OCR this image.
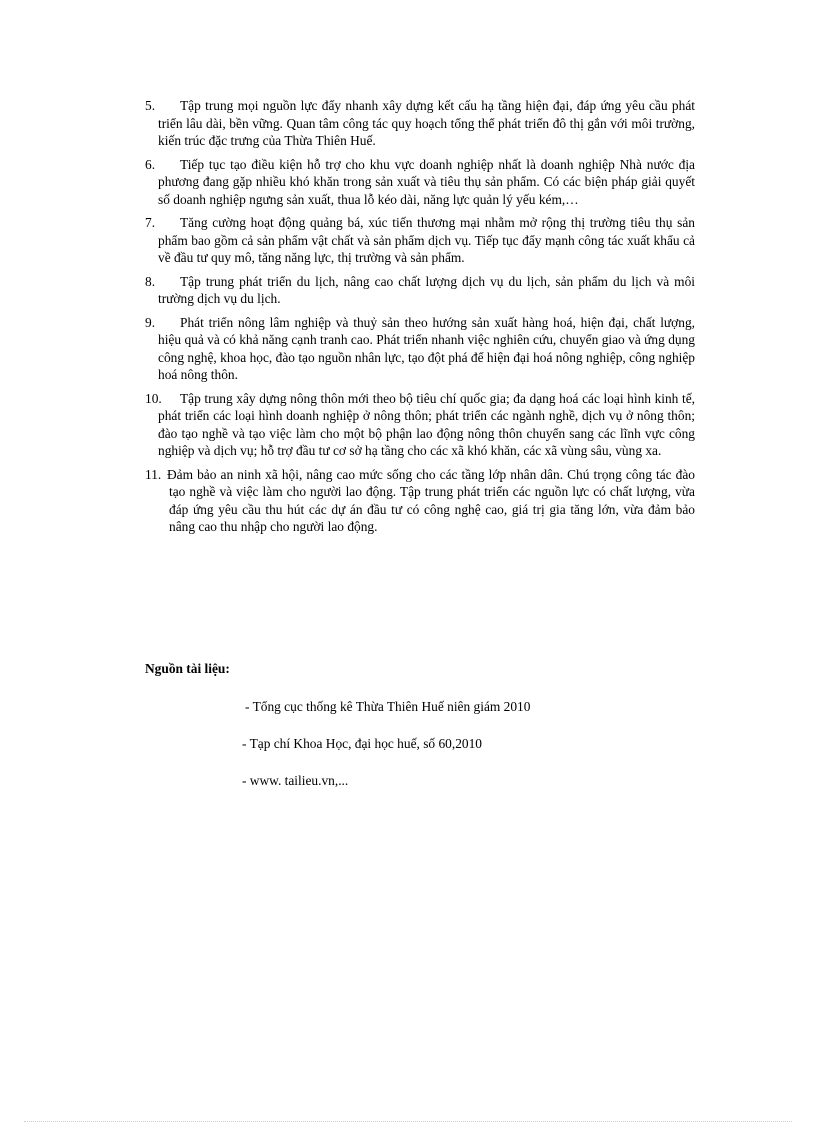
5.	Tập trung mọi nguồn lực đẩy nhanh xây dựng kết cấu hạ tầng hiện đại, đáp ứng yêu cầu phát triển lâu dài, bền vững. Quan tâm công tác quy hoạch tổng thể phát triển đô thị gắn với môi trường, kiến trúc đặc trưng của Thừa Thiên Huế.
6.	Tiếp tục tạo điều kiện hỗ trợ cho khu vực doanh nghiệp nhất là doanh nghiệp Nhà nước địa phương đang gặp nhiều khó khăn trong sản xuất và tiêu thụ sản phẩm. Có các biện pháp giải quyết số doanh nghiệp ngưng sản xuất, thua lỗ kéo dài, năng lực quản lý yếu kém,…
7.	Tăng cường hoạt động quảng bá, xúc tiến thương mại nhằm mở rộng thị trường tiêu thụ sản phẩm bao gồm cả sản phẩm vật chất và sản phẩm dịch vụ. Tiếp tục đẩy mạnh công tác xuất khẩu cả về đầu tư quy mô, tăng năng lực, thị trường và sản phẩm.
8.	Tập trung phát triển du lịch, nâng cao chất lượng dịch vụ du lịch, sản phẩm du lịch và môi trường dịch vụ du lịch.
9.	Phát triển nông lâm nghiệp và thuỷ sản theo hướng sản xuất hàng hoá, hiện đại, chất lượng, hiệu quả và có khả năng cạnh tranh cao. Phát triển nhanh việc nghiên cứu, chuyển giao và ứng dụng công nghệ, khoa học, đào tạo nguồn nhân lực, tạo đột phá để hiện đại hoá nông nghiệp, công nghiệp hoá nông thôn.
10.	Tập trung xây dựng nông thôn mới theo bộ tiêu chí quốc gia; đa dạng hoá các loại hình kinh tế, phát triển các loại hình doanh nghiệp ở nông thôn; phát triển các ngành nghề, dịch vụ ở nông thôn; đào tạo nghề và tạo việc làm cho một bộ phận lao động nông thôn chuyển sang các lĩnh vực công nghiệp và dịch vụ; hỗ trợ đầu tư cơ sở hạ tầng cho các xã khó khăn, các xã vùng sâu, vùng xa.
11. Đảm bảo an ninh xã hội, nâng cao mức sống cho các tầng lớp nhân dân. Chú trọng công tác đào tạo nghề và việc làm cho người lao động. Tập trung phát triển các nguồn lực có chất lượng, vừa đáp ứng yêu cầu thu hút các dự án đầu tư có công nghệ cao, giá trị gia tăng lớn, vừa đảm bảo nâng cao thu nhập cho người lao động.

Nguồn tài liệu:

- Tổng cục thống kê Thừa Thiên Huế niên giám 2010

- Tạp chí Khoa Học, đại học huế, số 60,2010

- www. tailieu.vn,...
